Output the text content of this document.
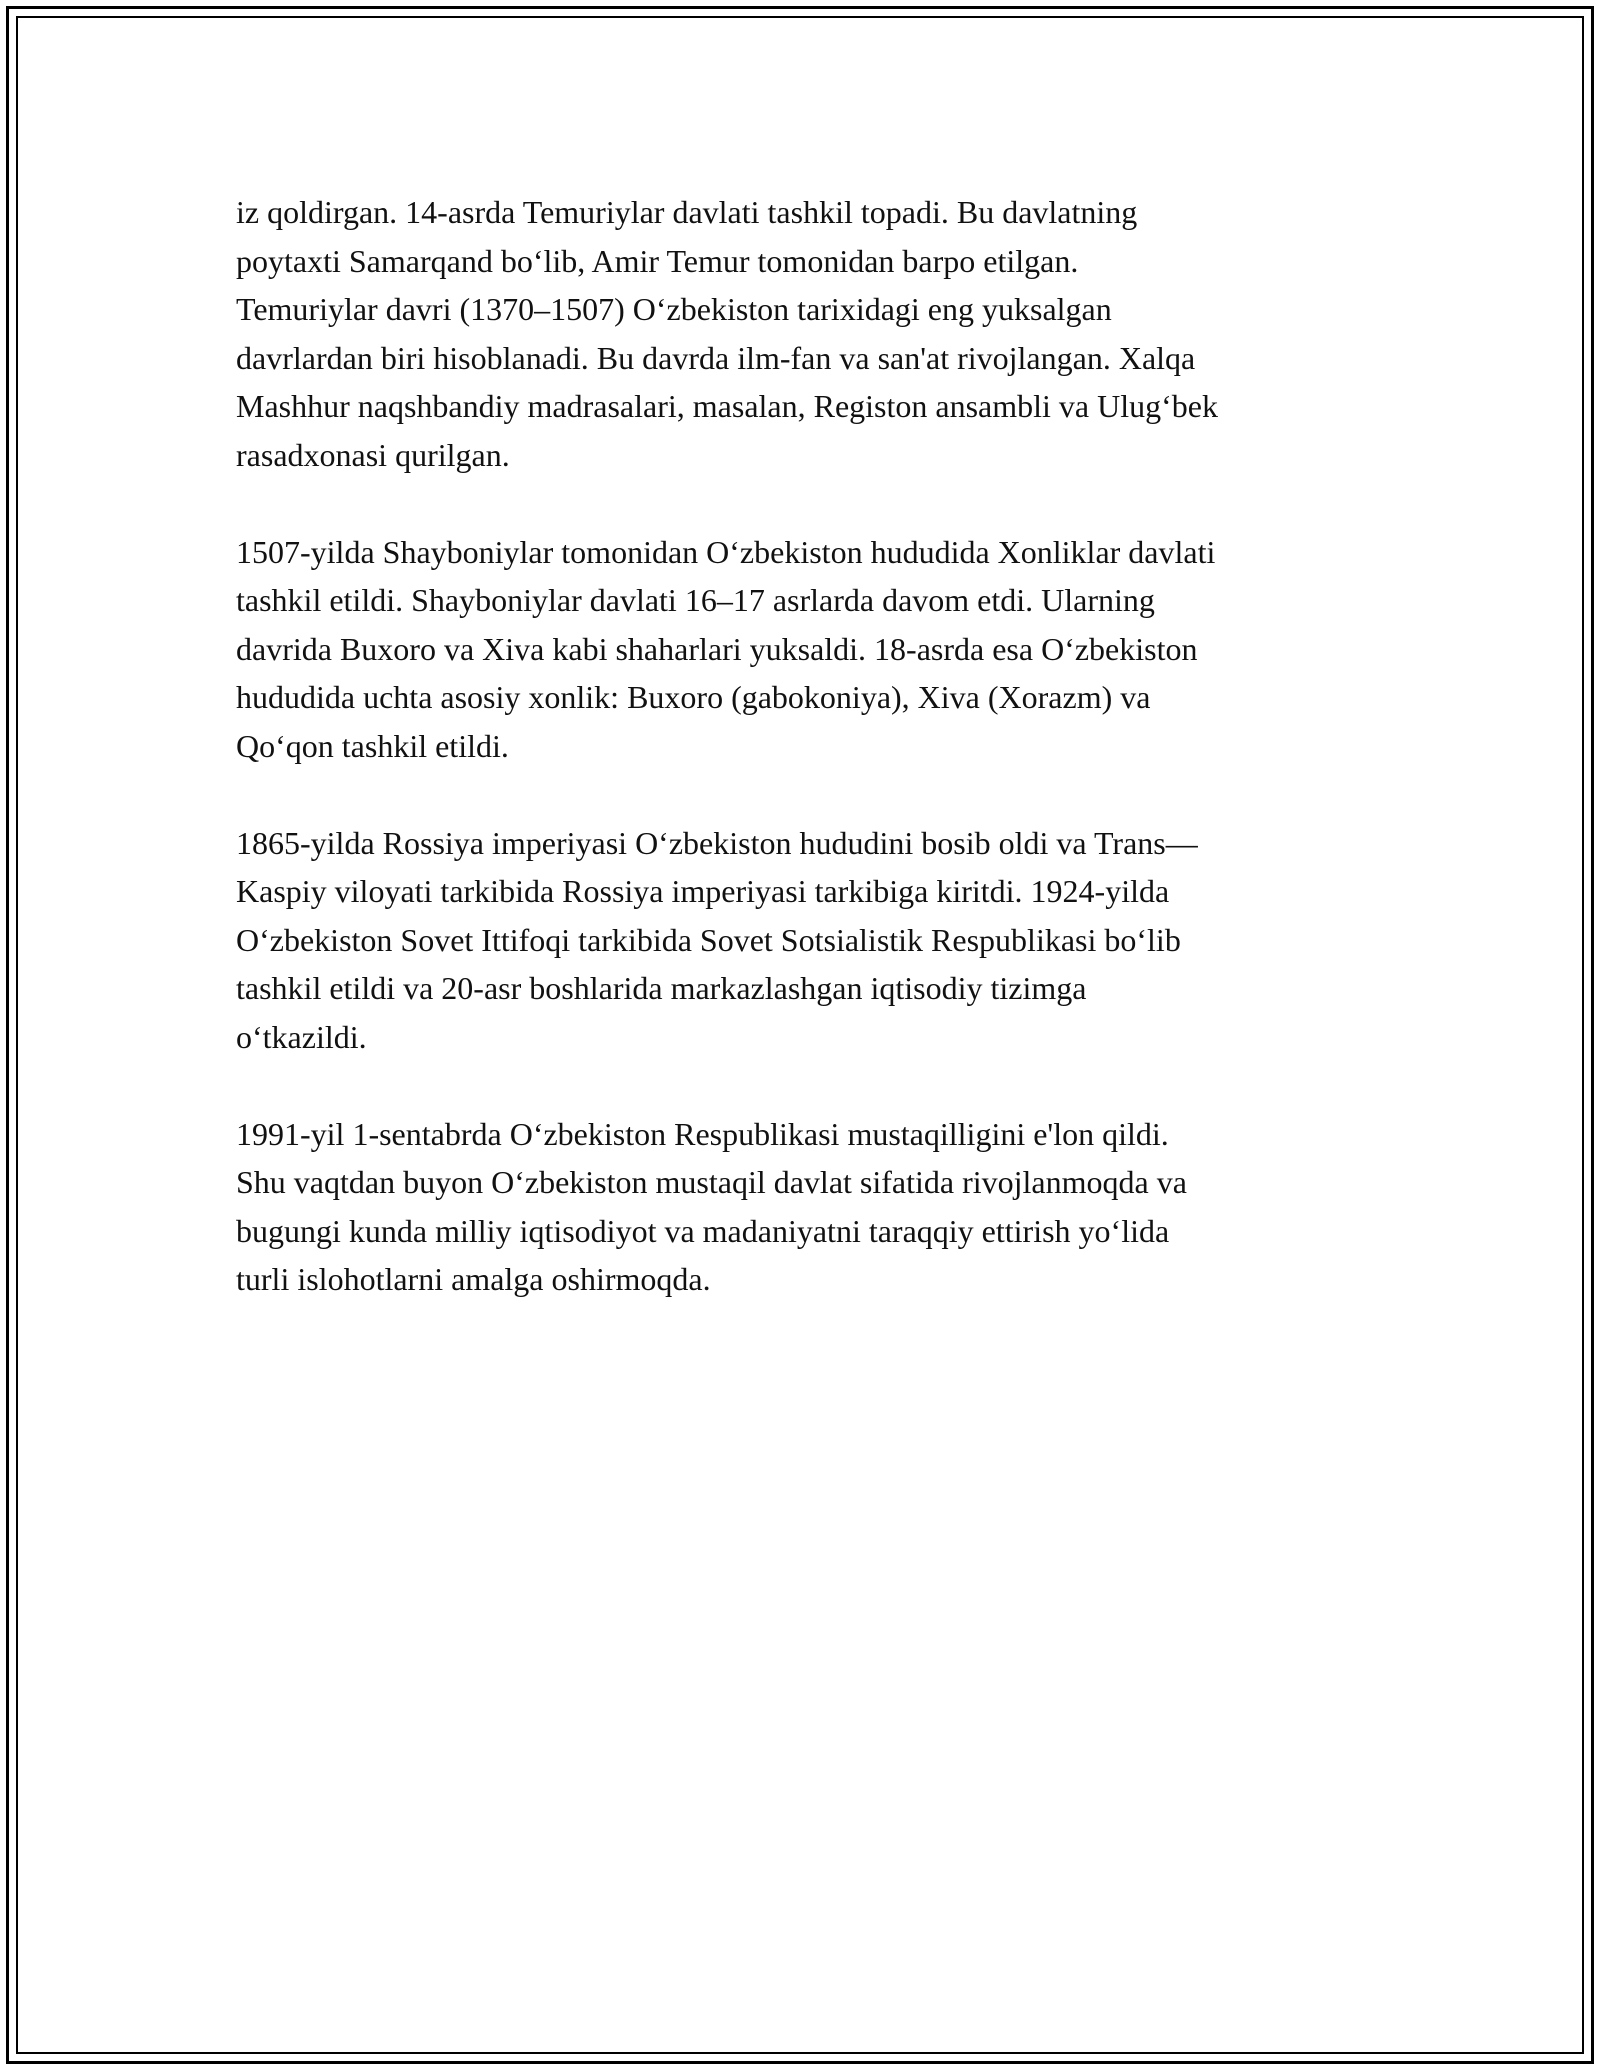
iz qoldirgan. 14-asrda Temuriylar davlati tashkil topadi. Bu davlatning
poytaxti Samarqand bo‘lib, Amir Temur tomonidan barpo etilgan.
Temuriylar davri (1370–1507) O‘zbekiston tarixidagi eng yuksalgan
davrlardan biri hisoblanadi. Bu davrda ilm-fan va san'at rivojlangan. Xalqa
Mashhur naqshbandiy madrasalari, masalan, Registon ansambli va Ulug‘bek
rasadxonasi qurilgan.

1507-yilda Shayboniylar tomonidan O‘zbekiston hududida Xonliklar davlati
tashkil etildi. Shayboniylar davlati 16–17 asrlarda davom etdi. Ularning
davrida Buxoro va Xiva kabi shaharlari yuksaldi. 18-asrda esa O‘zbekiston
hududida uchta asosiy xonlik: Buxoro (gabokoniya), Xiva (Xorazm) va
Qo‘qon tashkil etildi.

1865-yilda Rossiya imperiyasi O‘zbekiston hududini bosib oldi va Trans—
Kaspiy viloyati tarkibida Rossiya imperiyasi tarkibiga kiritdi. 1924-yilda
O‘zbekiston Sovet Ittifoqi tarkibida Sovet Sotsialistik Respublikasi bo‘lib
tashkil etildi va 20-asr boshlarida markazlashgan iqtisodiy tizimga
o‘tkazildi.

1991-yil 1-sentabrda O‘zbekiston Respublikasi mustaqilligini e'lon qildi.
Shu vaqtdan buyon O‘zbekiston mustaqil davlat sifatida rivojlanmoqda va
bugungi kunda milliy iqtisodiyot va madaniyatni taraqqiy ettirish yo‘lida
turli islohotlarni amalga oshirmoqda.
